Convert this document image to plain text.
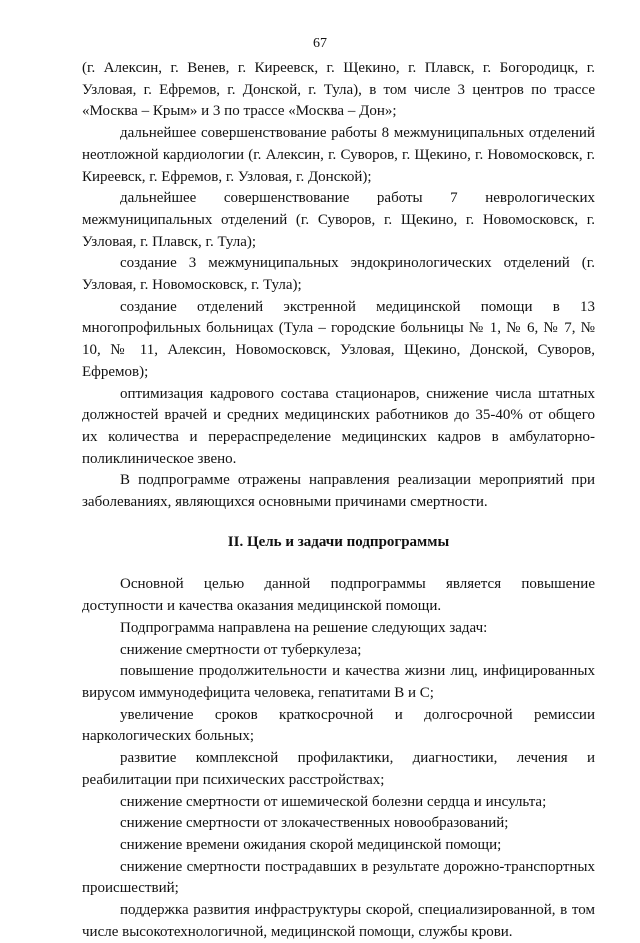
67

(г. Алексин, г. Венев, г. Киреевск, г. Щекино, г. Плавск, г. Богородицк, г. Узловая, г. Ефремов, г. Донской, г. Тула), в том числе 3 центров по трассе «Москва – Крым» и 3 по трассе «Москва – Дон»;

дальнейшее совершенствование работы 8 межмуниципальных отделений неотложной кардиологии (г. Алексин, г. Суворов, г. Щекино, г. Новомосковск, г. Киреевск, г. Ефремов, г. Узловая, г. Донской);

дальнейшее совершенствование работы 7 неврологических межмуниципальных отделений (г. Суворов, г. Щекино, г. Новомосковск, г. Узловая, г. Плавск, г. Тула);

создание 3 межмуниципальных эндокринологических отделений (г. Узловая, г. Новомосковск, г. Тула);

создание отделений экстренной медицинской помощи в 13 многопрофильных больницах (Тула – городские больницы № 1, № 6, № 7, № 10, № 11, Алексин, Новомосковск, Узловая, Щекино, Донской, Суворов, Ефремов);

оптимизация кадрового состава стационаров, снижение числа штатных должностей врачей и средних медицинских работников до 35-40% от общего их количества и перераспределение медицинских кадров в амбулаторно-поликлиническое звено.

В подпрограмме отражены направления реализации мероприятий при заболеваниях, являющихся основными причинами смертности.

II. Цель и задачи подпрограммы

Основной целью данной подпрограммы является повышение доступности и качества оказания медицинской помощи.

Подпрограмма направлена на решение следующих задач:

снижение смертности от туберкулеза;

повышение продолжительности и качества жизни лиц, инфицированных вирусом иммунодефицита человека, гепатитами B и C;

увеличение сроков краткосрочной и долгосрочной ремиссии наркологических больных;

развитие комплексной профилактики, диагностики, лечения и реабилитации при психических расстройствах;

снижение смертности от ишемической болезни сердца и инсульта;

снижение смертности от злокачественных новообразований;

снижение времени ожидания скорой медицинской помощи;

снижение смертности пострадавших в результате дорожно-транспортных происшествий;

поддержка развития инфраструктуры скорой, специализированной, в том числе высокотехнологичной, медицинской помощи, службы крови.
